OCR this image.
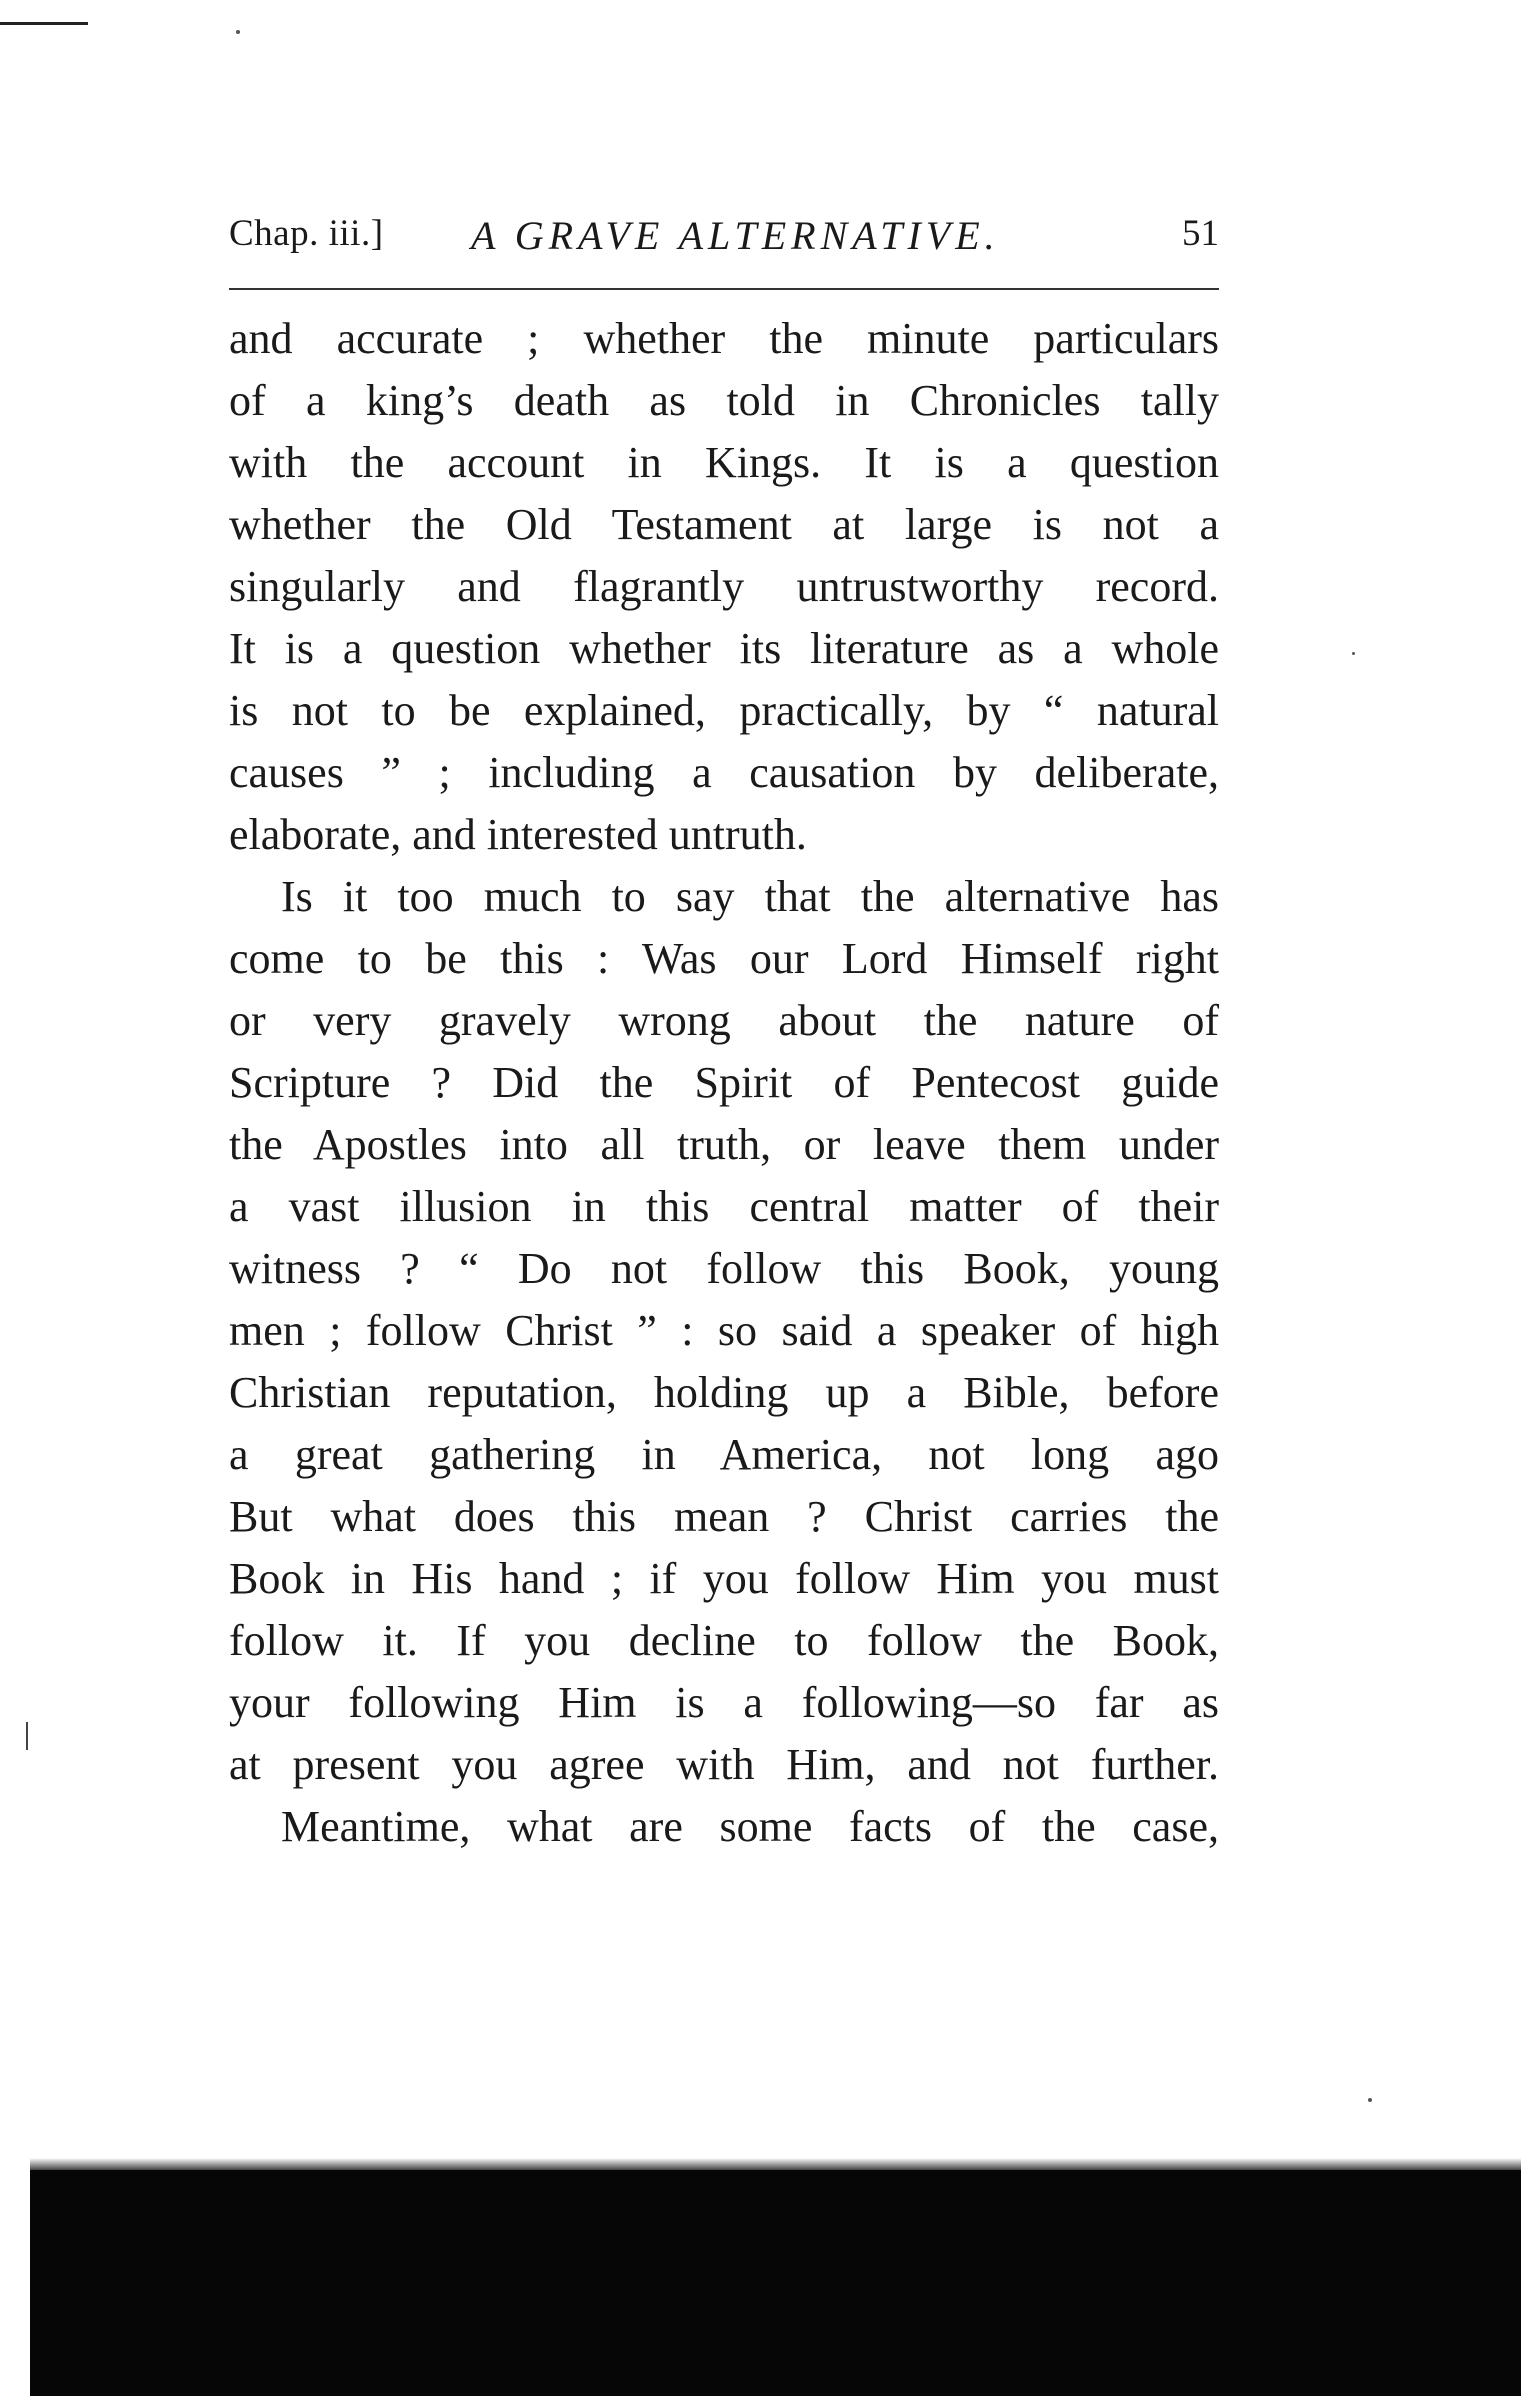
Chap. iii.] A GRAVE ALTERNATIVE.	51
and accurate ; whether the minute particulars
of a king’s death as told in Chronicles tally
with the account in Kings. It is a question
whether the Old Testament at large is not a
singularly and flagrantly untrustworthy record.
It is a question whether its literature as a whole
is not to be explained, practically, by “ natural
causes ” ; including a causation by deliberate,
elaborate, and interested untruth.
Is it too much to say that the alternative has
come to be this : Was our Lord Himself right
or very gravely wrong about the nature of
Scripture ? Did the Spirit of Pentecost guide
the Apostles into all truth, or leave them under
a vast illusion in this central matter of their
witness ? “ Do not follow this Book, young
men ; follow Christ ” : so said a speaker of high
Christian reputation, holding up a Bible, before
a great gathering in America, not long ago
But what does this mean ? Christ carries the
Book in His hand ; if you follow Him you must
follow it. If you decline to follow the Book,
your following Him is a following—so far as
at present you agree with Him, and not further.
Meantime, what are some facts of the case,
